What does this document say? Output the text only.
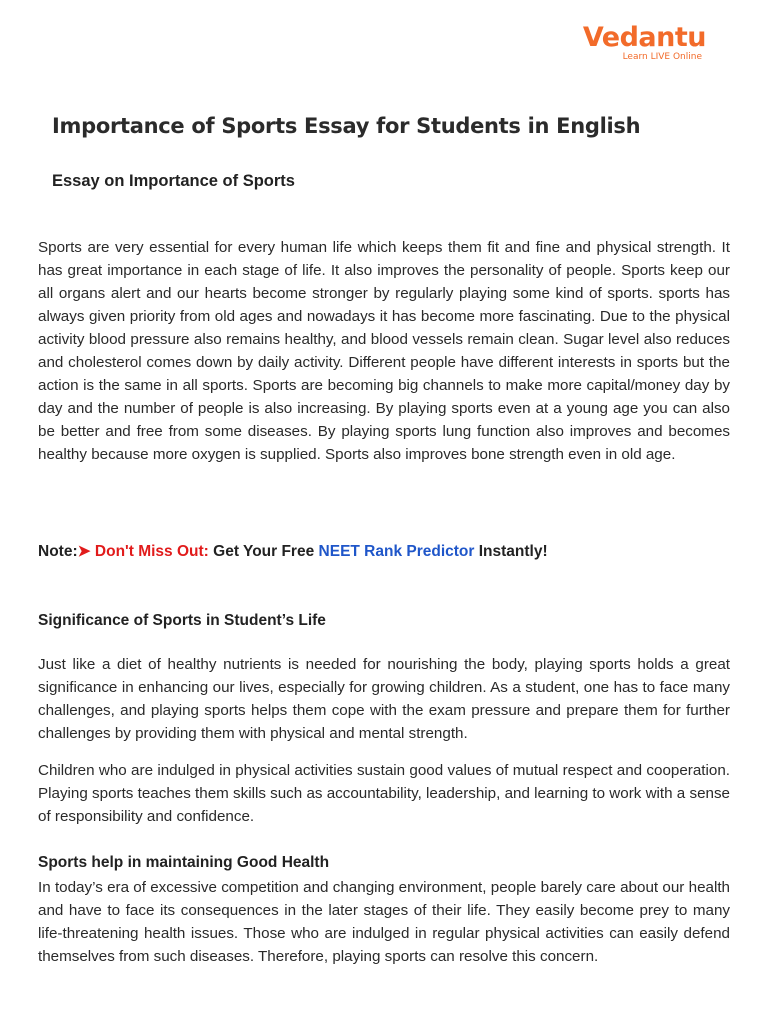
Vedantu
Learn LIVE Online
Importance of Sports Essay for Students in English
Essay on Importance of Sports

Sports are very essential for every human life which keeps them fit and fine and physical strength. It has great importance in each stage of life. It also improves the personality of people. Sports keep our all organs alert and our hearts become stronger by regularly playing some kind of sports. sports has always given priority from old ages and nowadays it has become more fascinating. Due to the physical activity blood pressure also remains healthy, and blood vessels remain clean. Sugar level also reduces and cholesterol comes down by daily activity. Different people have different interests in sports but the action is the same in all sports. Sports are becoming big channels to make more capital/money day by day and the number of people is also increasing. By playing sports even at a young age you can also be better and free from some diseases. By playing sports lung function also improves and becomes healthy because more oxygen is supplied. Sports also improves bone strength even in old age.

Note:➤ Don't Miss Out: Get Your Free NEET Rank Predictor Instantly!
Significance of Sports in Student’s Life

Just like a diet of healthy nutrients is needed for nourishing the body, playing sports holds a great significance in enhancing our lives, especially for growing children. As a student, one has to face many challenges, and playing sports helps them cope with the exam pressure and prepare them for further challenges by providing them with physical and mental strength.

Children who are indulged in physical activities sustain good values of mutual respect and cooperation. Playing sports teaches them skills such as accountability, leadership, and learning to work with a sense of responsibility and confidence.

Sports help in maintaining Good Health

In today’s era of excessive competition and changing environment, people barely care about our health and have to face its consequences in the later stages of their life. They easily become prey to many life-threatening health issues. Those who are indulged in regular physical activities can easily defend themselves from such diseases. Therefore, playing sports can resolve this concern.
